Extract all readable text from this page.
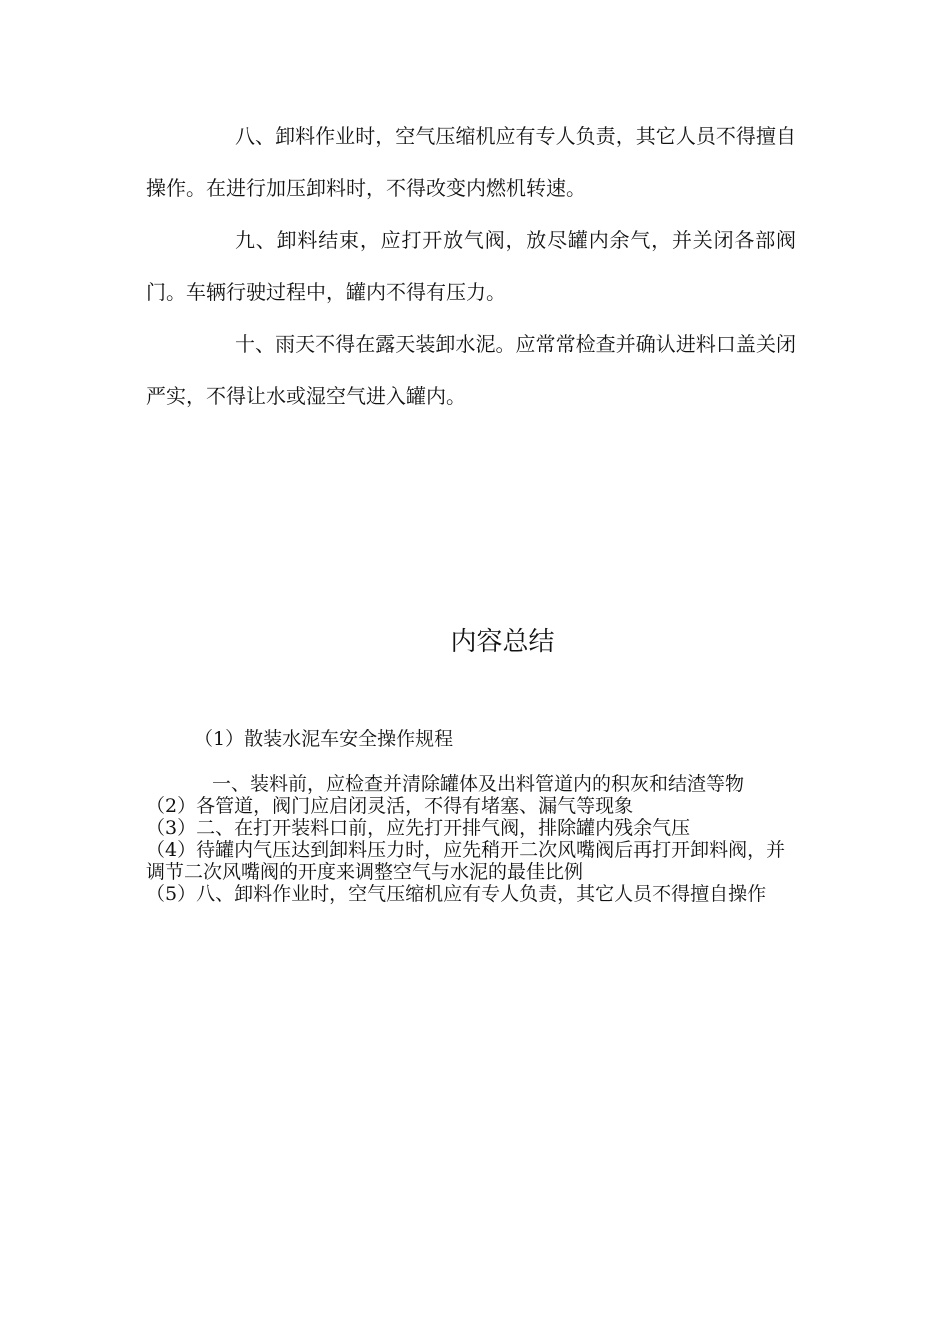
八、卸料作业时，空气压缩机应有专人负责，其它人员不得擅自操作。在进行加压卸料时，不得改变内燃机转速。

九、卸料结束，应打开放气阀，放尽罐内余气，并关闭各部阀门。车辆行驶过程中，罐内不得有压力。

十、雨天不得在露天装卸水泥。应常常检查并确认进料口盖关闭严实，不得让水或湿空气进入罐内。

内容总结
（1）散装水泥车安全操作规程
一、装料前，应检查并清除罐体及出料管道内的积灰和结渣等物
（2）各管道，阀门应启闭灵活，不得有堵塞、漏气等现象
（3）二、在打开装料口前，应先打开排气阀，排除罐内残余气压
（4）待罐内气压达到卸料压力时，应先稍开二次风嘴阀后再打开卸料阀，并调节二次风嘴阀的开度来调整空气与水泥的最佳比例
（5）八、卸料作业时，空气压缩机应有专人负责，其它人员不得擅自操作
